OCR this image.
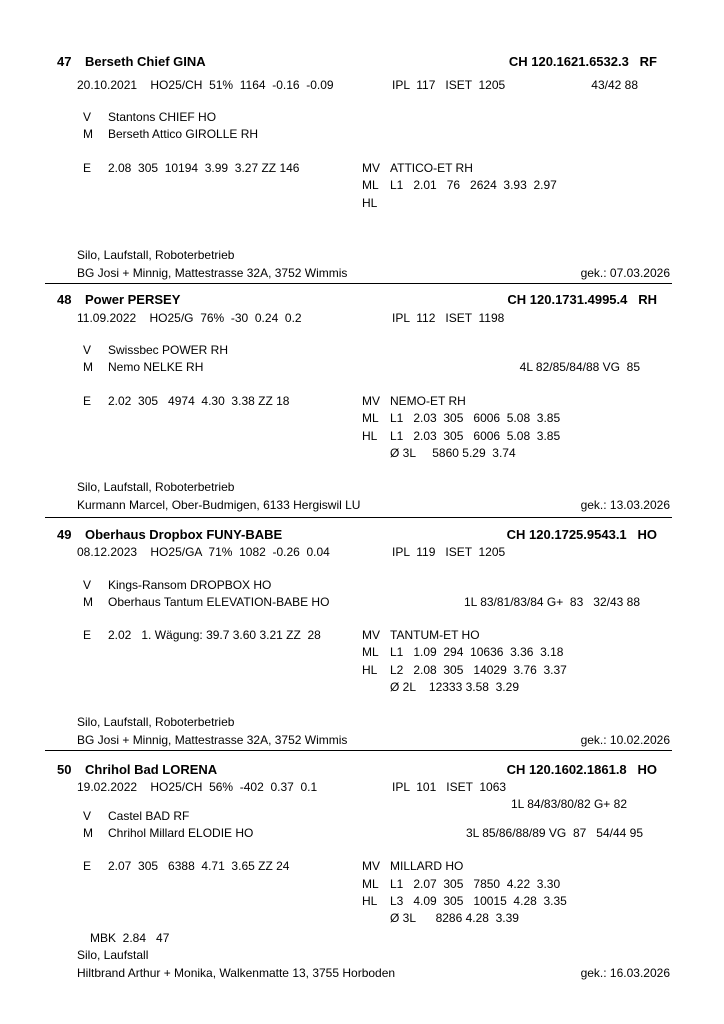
47 Berseth Chief GINA	CH 120.1621.6532.3   RF
20.10.2021    HO25/CH  51%  1164  -0.16  -0.09	IPL  117   ISET  1205	43/42 88
V Stantons CHIEF HO
M Berseth Attico GIROLLE RH
E 2.08  305  10194  3.99  3.27 ZZ 146	MV ATTICO-ET RH
ML L1   2.01   76   2624  3.93  2.97
HL
Silo, Laufstall, Roboterbetrieb
BG Josi + Minnig, Mattestrasse 32A, 3752 Wimmis	gek.: 07.03.2026
48 Power PERSEY	CH 120.1731.4995.4   RH
11.09.2022    HO25/G  76%  -30  0.24  0.2	IPL  112   ISET  1198
V Swissbec POWER RH
M Nemo NELKE RH	4L 82/85/84/88 VG  85
E 2.02  305   4974  4.30  3.38 ZZ 18	MV NEMO-ET RH
ML L1   2.03  305   6006  5.08  3.85
HL L1   2.03  305   6006  5.08  3.85
Ø 3L     5860 5.29  3.74
Silo, Laufstall, Roboterbetrieb
Kurmann Marcel, Ober-Budmigen, 6133 Hergiswil LU	gek.: 13.03.2026
49 Oberhaus Dropbox FUNY-BABE	CH 120.1725.9543.1   HO
08.12.2023    HO25/GA  71%  1082  -0.26  0.04	IPL  119   ISET  1205
V Kings-Ransom DROPBOX HO
M Oberhaus Tantum ELEVATION-BABE HO	1L 83/81/83/84 G+  83   32/43 88
E 2.02   1. Wägung: 39.7 3.60 3.21 ZZ  28	MV TANTUM-ET HO
ML L1   1.09  294  10636  3.36  3.18
HL L2   2.08  305   14029  3.76  3.37
Ø 2L    12333 3.58  3.29
Silo, Laufstall, Roboterbetrieb
BG Josi + Minnig, Mattestrasse 32A, 3752 Wimmis	gek.: 10.02.2026
50 Chrihol Bad LORENA	CH 120.1602.1861.8   HO
19.02.2022    HO25/CH  56%  -402  0.37  0.1	IPL  101   ISET  1063
1L 84/83/80/82 G+ 82
V Castel BAD RF
M Chrihol Millard ELODIE HO	3L 85/86/88/89 VG  87   54/44 95
E 2.07  305   6388  4.71  3.65 ZZ 24	MV MILLARD HO
ML L1   2.07  305   7850  4.22  3.30
HL L3   4.09  305   10015  4.28  3.35
Ø 3L      8286 4.28  3.39
MBK  2.84   47
Silo, Laufstall
Hiltbrand Arthur + Monika, Walkenmatte 13, 3755 Horboden	gek.: 16.03.2026
